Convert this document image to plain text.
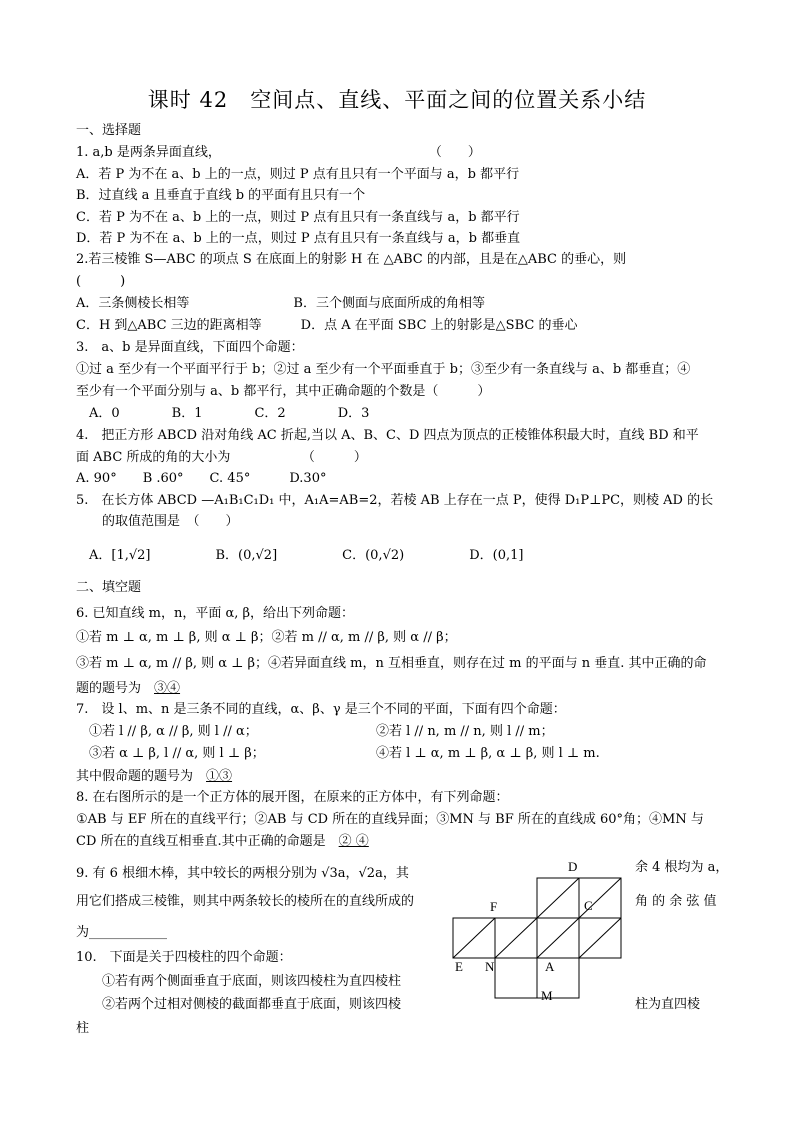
课时 42　空间点、直线、平面之间的位置关系小结
一、选择题
1. a,b 是两条异面直线，　　　　　　　　　　　　　　　　　（　　）
A．若 P 为不在 a、b 上的一点，则过 P 点有且只有一个平面与 a，b 都平行
B．过直线 a 且垂直于直线 b 的平面有且只有一个
C．若 P 为不在 a、b 上的一点，则过 P 点有且只有一条直线与 a，b 都平行
D．若 P 为不在 a、b 上的一点，则过 P 点有且只有一条直线与 a，b 都垂直
2.若三棱锥 S—ABC 的项点 S 在底面上的射影 H 在 △ABC 的内部，且是在△ABC 的垂心，则
(　　　)
A．三条侧棱长相等　　　　　　　　B．三个侧面与底面所成的角相等
C．H 到△ABC 三边的距离相等　　　D．点 A 在平面 SBC 上的射影是△SBC 的垂心
3.　a、b 是异面直线，下面四个命题：
①过 a 至少有一个平面平行于 b；②过 a 至少有一个平面垂直于 b；③至少有一条直线与 a、b 都垂直；④
至少有一个平面分别与 a、b 都平行，其中正确命题的个数是（　　　）
　A．0　　　　B．1　　　　C．2　　　　D．3
4.　把正方形 ABCD 沿对角线 AC 折起,当以 A、B、C、D 四点为顶点的正棱锥体积最大时，直线 BD 和平
面 ABC 所成的角的大小为　　　　　　（　　　）
A. 90°　　B .60°　　C. 45°　　　D.30°
5.　在长方体 ABCD —A₁B₁C₁D₁ 中，A₁A=AB=2，若棱 AB 上存在一点 P，使得 D₁P⊥PC，则棱 AD 的长
　　的取值范围是　（　　）
　A．[1,√2]　　　　　B．(0,√2]　　　　　C．(0,√2)　　　　　D．(0,1]
二、填空题
6. 已知直线 m，n，平面 α, β，给出下列命题：
①若 m ⊥ α, m ⊥ β, 则 α ⊥ β；②若 m // α, m // β, 则 α // β；
③若 m ⊥ α, m // β, 则 α ⊥ β；④若异面直线 m，n 互相垂直，则存在过 m 的平面与 n 垂直. 其中正确的命
题的题号为　 ③④
7.　设 l、m、n 是三条不同的直线，α、β、γ 是三个不同的平面，下面有四个命题：
　①若 l // β, α // β, 则 l // α；	②若 l // n, m // n, 则 l // m；
　③若 α ⊥ β, l // α, 则 l ⊥ β；	④若 l ⊥ α, m ⊥ β, α ⊥ β, 则 l ⊥ m.
其中假命题的题号为　 ①③
8. 在右图所示的是一个正方体的展开图，在原来的正方体中，有下列命题：
①AB 与 EF 所在的直线平行；②AB 与 CD 所在的直线异面；③MN 与 BF 所在的直线成 60°角；④MN 与
CD 所在的直线互相垂直.其中正确的命题是　 ② ④
9. 有 6 根细木棒，其中较长的两根分别为 √3a，√2a，其
用它们搭成三棱锥，则其中两条较长的棱所在的直线所成的
为____________
10.　下面是关于四棱柱的四个命题：
　　①若有两个侧面垂直于底面，则该四棱柱为直四棱柱
　　②若两个过相对侧棱的截面都垂直于底面，则该四棱
柱
余 4 根均为 a，
角 的 余 弦 值
柱为直四棱
D
F	C
E N	A
M
